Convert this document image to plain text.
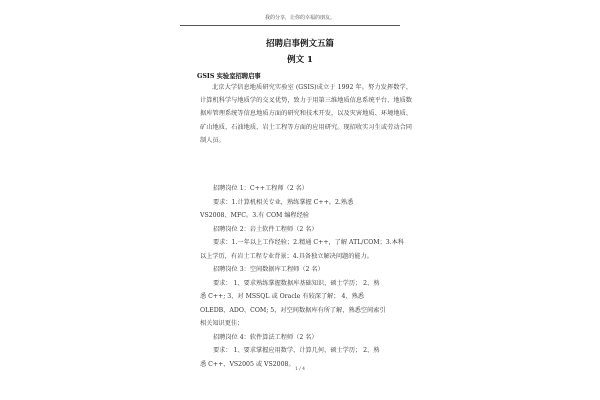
我的分享，让你的幸福的朋友。
招聘启事例文五篇
例文 1
GSIS 实验室招聘启事
北京大学信息地质研究实验室 (GSIS)成立于 1992 年。努力发挥数学、计算机科学与地质学的交叉优势，致力于用第三维地质信息系统平台、地质数据库管理系统等信息地质方面的研究和技术开发，以及灾害地质、环境地质、矿山地质、石油地质、岩土工程等方面的应用研究。现招收实习生或劳动合同制人员。
招聘岗位 1：C++工程师（2 名）
要求：1.计算机相关专业，熟练掌握 C++。2.熟悉
VS2008、MFC。3.有 COM 编程经验
招聘岗位 2：岩土软件工程师（2 名）
要求：1.一年以上工作经验；2.精通 C++，了解 ATL/COM；3.本科
以上学历，有岩土工程专业背景；4.具备独立解决问题的能力。
招聘岗位 3：空间数据库工程师（2 名）
要求： 1、要求熟练掌握数据库基础知识，硕士学历； 2、熟
悉 C++; 3、对 MSSQL 或 Oracle 有较深了解； 4、熟悉
OLEDB、ADO、COM; 5、对空间数据库有所了解，熟悉空间索引
相关知识更佳；
招聘岗位 4：软件算法工程师（2 名）
要求： 1、要求掌握应用数学、计算几何，硕士学历； 2、熟
悉 C++、VS2005 或 VS2008。
1 / 4
